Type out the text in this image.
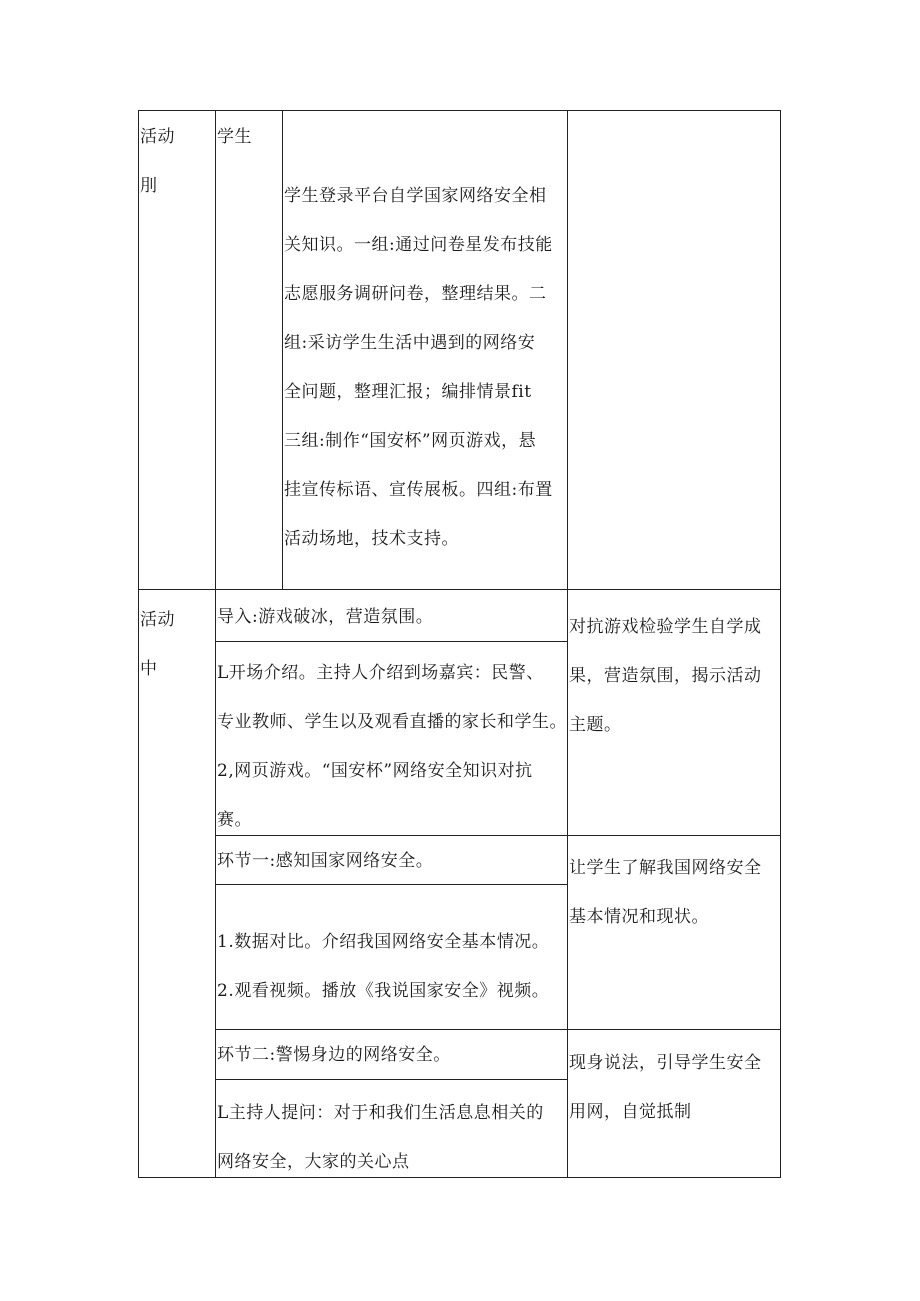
活动
刖
学生
学生登录平台自学国家网络安全相
关知识。一组:通过问卷星发布技能
志愿服务调研问卷，整理结果。二
组:采访学生生活中遇到的网络安
全问题，整理汇报；编排情景fit
三组:制作“国安杯”网页游戏，悬
挂宣传标语、宣传展板。四组:布置
活动场地，技术支持。
活动
中
导入:游戏破冰，营造氛围。
L开场介绍。主持人介绍到场嘉宾：民警、
专业教师、学生以及观看直播的家长和学生。
2,网页游戏。“国安杯”网络安全知识对抗
赛。
对抗游戏检验学生自学成
果，营造氛围，揭示活动
主题。
环节一:感知国家网络安全。
1.数据对比。介绍我国网络安全基本情况。
2.观看视频。播放《我说国家安全》视频。
让学生了解我国网络安全
基本情况和现状。
环节二:警惕身边的网络安全。
L主持人提问：对于和我们生活息息相关的
网络安全，大家的关心点
现身说法，引导学生安全
用网，自觉抵制
